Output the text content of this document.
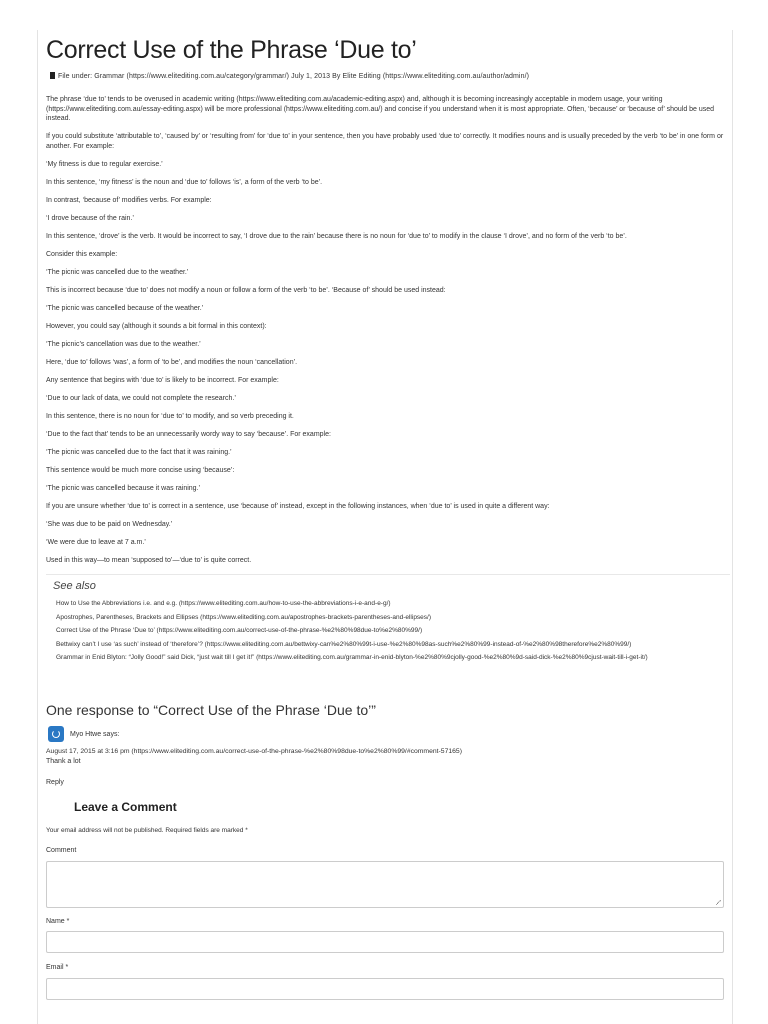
Correct Use of the Phrase ‘Due to’
File under: Grammar (https://www.elitediting.com.au/category/grammar/) July 1, 2013 By Elite Editing (https://www.elitediting.com.au/author/admin/)

The phrase ‘due to’ tends to be overused in academic writing (https://www.elitediting.com.au/academic-editing.aspx) and, although it is becoming increasingly acceptable in modern usage, your writing (https://www.elitediting.com.au/essay-editing.aspx) will be more professional (https://www.elitediting.com.au/) and concise if you understand when it is most appropriate. Often, ‘because’ or ‘because of’ should be used instead.

If you could substitute ‘attributable to’, ‘caused by’ or ‘resulting from’ for ‘due to’ in your sentence, then you have probably used ‘due to’ correctly. It modifies nouns and is usually preceded by the verb ‘to be’ in one form or another. For example:

‘My fitness is due to regular exercise.’

In this sentence, ‘my fitness’ is the noun and ‘due to’ follows ‘is’, a form of the verb ‘to be’.

In contrast, ‘because of’ modifies verbs. For example:

‘I drove because of the rain.’

In this sentence, ‘drove’ is the verb. It would be incorrect to say, ‘I drove due to the rain’ because there is no noun for ‘due to’ to modify in the clause ‘I drove’, and no form of the verb ‘to be’.

Consider this example:

‘The picnic was cancelled due to the weather.’

This is incorrect because ‘due to’ does not modify a noun or follow a form of the verb ‘to be’. ‘Because of’ should be used instead:

‘The picnic was cancelled because of the weather.’

However, you could say (although it sounds a bit formal in this context):

‘The picnic’s cancellation was due to the weather.’

Here, ‘due to’ follows ‘was’, a form of ‘to be’, and modifies the noun ‘cancellation’.

Any sentence that begins with ‘due to’ is likely to be incorrect. For example:

‘Due to our lack of data, we could not complete the research.’

In this sentence, there is no noun for ‘due to’ to modify, and so verb preceding it.

‘Due to the fact that’ tends to be an unnecessarily wordy way to say ‘because’. For example:

‘The picnic was cancelled due to the fact that it was raining.’

This sentence would be much more concise using ‘because’:

‘The picnic was cancelled because it was raining.’

If you are unsure whether ‘due to’ is correct in a sentence, use ‘because of’ instead, except in the following instances, when ‘due to’ is used in quite a different way:

‘She was due to be paid on Wednesday.’

‘We were due to leave at 7 a.m.’

Used in this way—to mean ‘supposed to’—‘due to’ is quite correct.

See also
How to Use the Abbreviations i.e. and e.g. (https://www.elitediting.com.au/how-to-use-the-abbreviations-i-e-and-e-g/)
Apostrophes, Parentheses, Brackets and Ellipses (https://www.elitediting.com.au/apostrophes-brackets-parentheses-and-ellipses/)
Correct Use of the Phrase ‘Due to’ (https://www.elitediting.com.au/correct-use-of-the-phrase-%e2%80%98due-to%e2%80%99/)
Bettwixy can’t I use ‘as such’ instead of ‘therefore’? (https://www.elitediting.com.au/bettwixy-can%e2%80%99t-i-use-%e2%80%98as-such%e2%80%99-instead-of-%e2%80%98therefore%e2%80%99/)
Grammar in Enid Blyton: “Jolly Good!” said Dick, “just wait till I get it!” (https://www.elitediting.com.au/grammar-in-enid-blyton-%e2%80%9cjolly-good-%e2%80%9d-said-dick-%e2%80%9cjust-wait-till-i-get-it/)
One response to “Correct Use of the Phrase ‘Due to’”
Myo Htwe says:
August 17, 2015 at 3:16 pm (https://www.elitediting.com.au/correct-use-of-the-phrase-%e2%80%98due-to%e2%80%99/#comment-57165)
Thank a lot
Reply
Leave a Comment
Your email address will not be published. Required fields are marked *
Comment
Name *
Email *
